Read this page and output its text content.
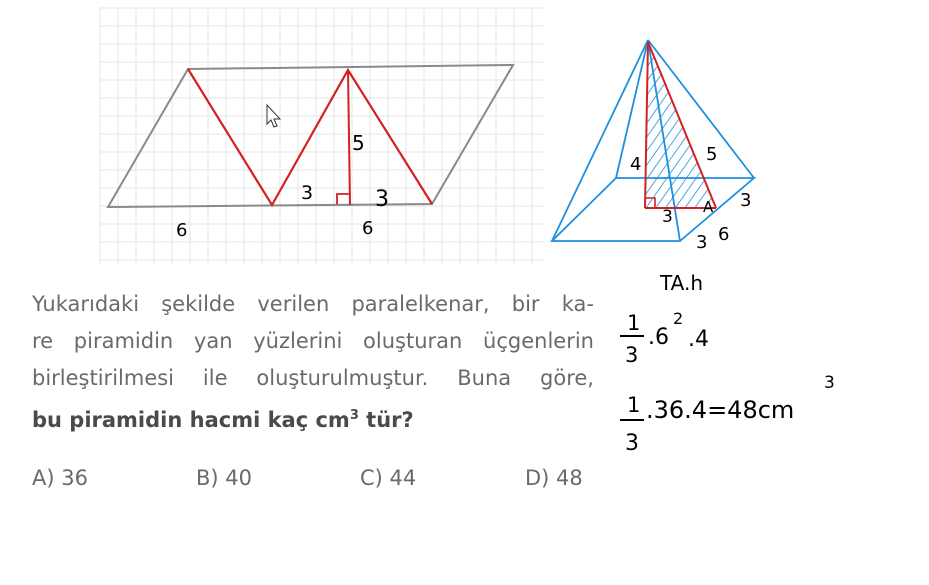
6
5
3	3
6
4	5
3 A 3
3 6
TA.h
1
3
.6
2
.4
1
3
.36.4=48cm
3
Yukarıdaki şekilde verilen paralelkenar, bir ka-
re piramidin yan yüzlerini oluşturan üçgenlerin
birleştirilmesi ile oluşturulmuştur. Buna göre,
bu piramidin hacmi kaç $cm^3$ tür?
A) 36	B) 40	C) 44	D) 48
